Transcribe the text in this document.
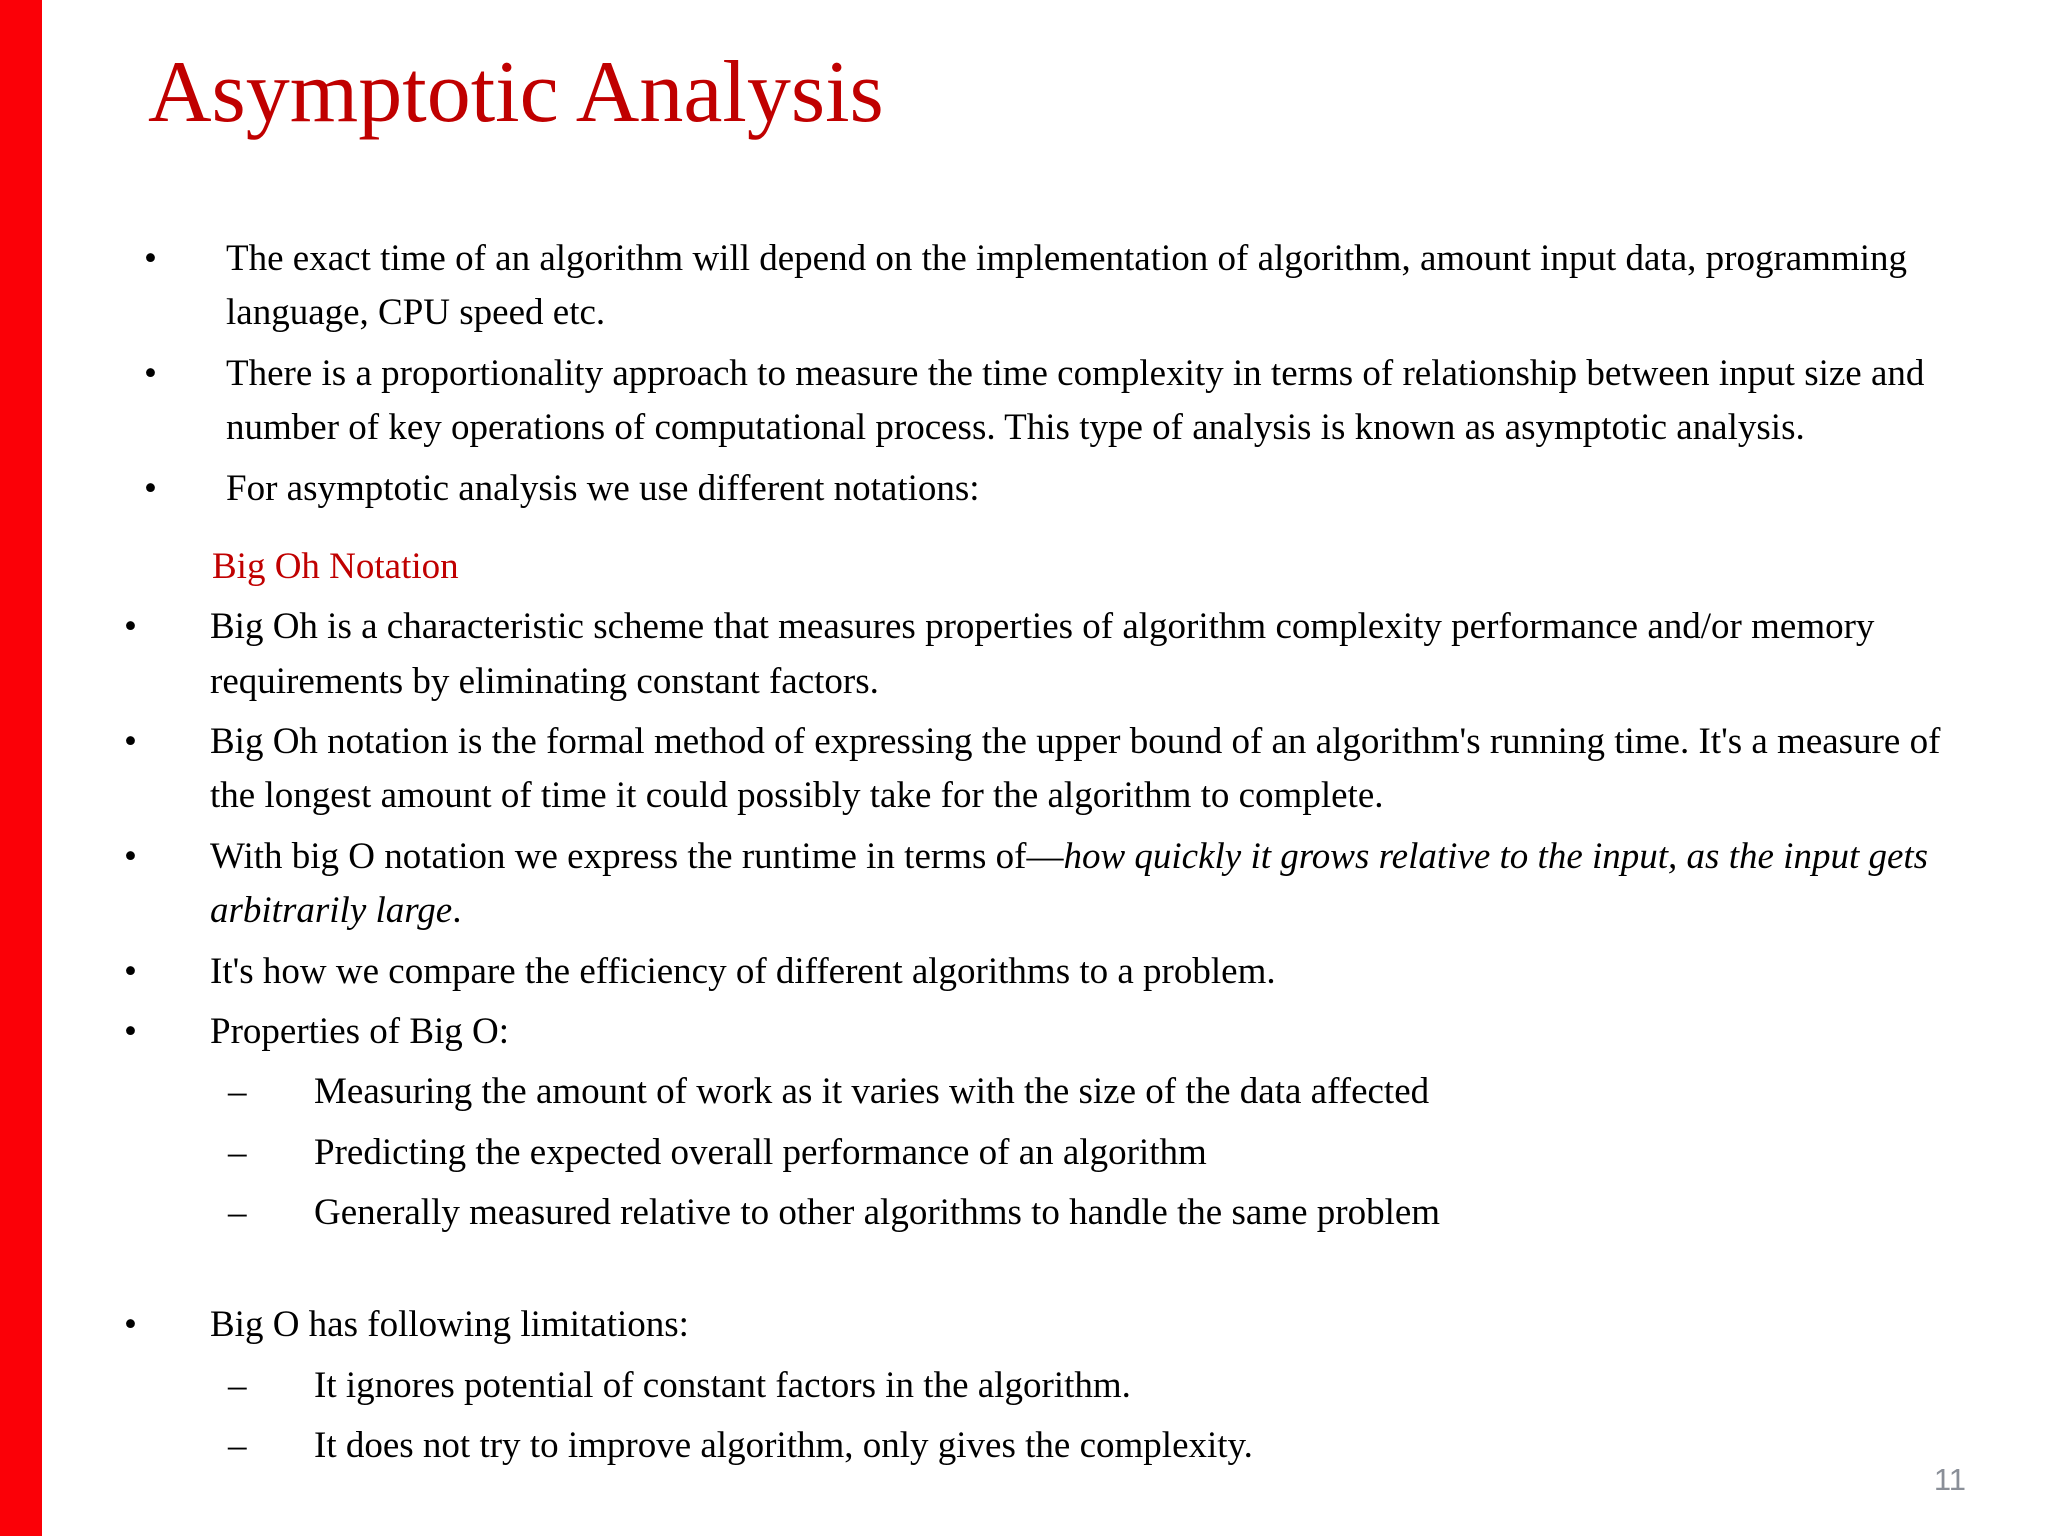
Asymptotic Analysis
•	The exact time of an algorithm will depend on the implementation of algorithm, amount input data, programming language, CPU speed etc.
•	There is a proportionality approach to measure the time complexity in terms of relationship between input size and number of key operations of computational process. This type of analysis is known as asymptotic analysis.
•	For asymptotic analysis we use different notations:
Big Oh Notation
•	Big Oh is a characteristic scheme that measures properties of algorithm complexity performance and/or memory requirements by eliminating constant factors.
•	Big Oh notation is the formal method of expressing the upper bound of an algorithm's running time. It's a measure of the longest amount of time it could possibly take for the algorithm to complete.
•	With big O notation we express the runtime in terms of—how quickly it grows relative to the input, as the input gets arbitrarily large.
•	It's how we compare the efficiency of different algorithms to a problem.
•	Properties of Big O:
–	Measuring the amount of work as it varies with the size of the data affected
–	Predicting the expected overall performance of an algorithm
–	Generally measured relative to other algorithms to handle the same problem
•	Big O has following limitations:
–	It ignores potential of constant factors in the algorithm.
–	It does not try to improve algorithm, only gives the complexity.
11
